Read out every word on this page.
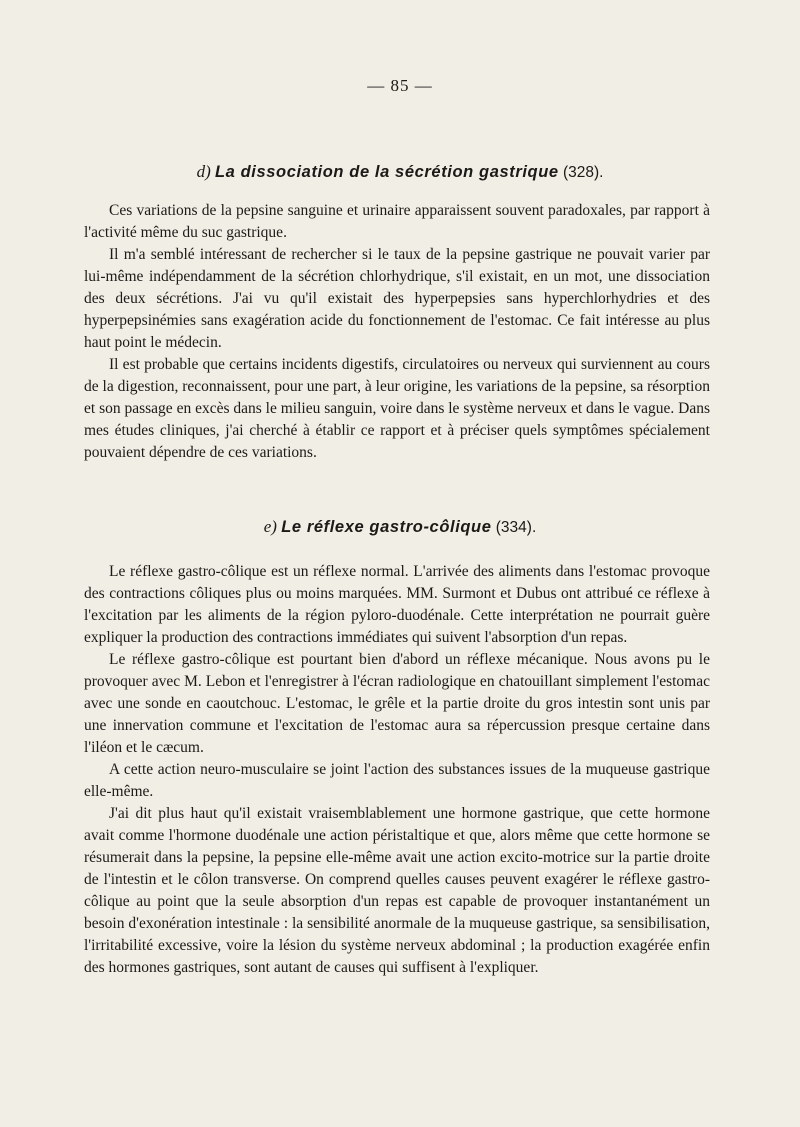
— 85 —
d) La dissociation de la sécrétion gastrique (328).

Ces variations de la pepsine sanguine et urinaire apparaissent souvent paradoxales, par rapport à l'activité même du suc gastrique.

Il m'a semblé intéressant de rechercher si le taux de la pepsine gastrique ne pouvait varier par lui-même indépendamment de la sécrétion chlorhydrique, s'il existait, en un mot, une dissociation des deux sécrétions. J'ai vu qu'il existait des hyperpepsies sans hyperchlorhydries et des hyperpepsinémies sans exagération acide du fonctionnement de l'estomac. Ce fait intéresse au plus haut point le médecin.

Il est probable que certains incidents digestifs, circulatoires ou nerveux qui surviennent au cours de la digestion, reconnaissent, pour une part, à leur origine, les variations de la pepsine, sa résorption et son passage en excès dans le milieu sanguin, voire dans le système nerveux et dans le vague. Dans mes études cliniques, j'ai cherché à établir ce rapport et à préciser quels symptômes spécialement pouvaient dépendre de ces variations.

e) Le réflexe gastro-côlique (334).

Le réflexe gastro-côlique est un réflexe normal. L'arrivée des aliments dans l'estomac provoque des contractions côliques plus ou moins marquées. MM. Surmont et Dubus ont attribué ce réflexe à l'excitation par les aliments de la région pyloro-duodénale. Cette interprétation ne pourrait guère expliquer la production des contractions immédiates qui suivent l'absorption d'un repas.

Le réflexe gastro-côlique est pourtant bien d'abord un réflexe mécanique. Nous avons pu le provoquer avec M. Lebon et l'enregistrer à l'écran radiologique en chatouillant simplement l'estomac avec une sonde en caoutchouc. L'estomac, le grêle et la partie droite du gros intestin sont unis par une innervation commune et l'excitation de l'estomac aura sa répercussion presque certaine dans l'iléon et le cæcum.

A cette action neuro-musculaire se joint l'action des substances issues de la muqueuse gastrique elle-même.

J'ai dit plus haut qu'il existait vraisemblablement une hormone gastrique, que cette hormone avait comme l'hormone duodénale une action péristaltique et que, alors même que cette hormone se résumerait dans la pepsine, la pepsine elle-même avait une action excito-motrice sur la partie droite de l'intestin et le côlon transverse. On comprend quelles causes peuvent exagérer le réflexe gastro-côlique au point que la seule absorption d'un repas est capable de provoquer instantanément un besoin d'exonération intestinale : la sensibilité anormale de la muqueuse gastrique, sa sensibilisation, l'irritabilité excessive, voire la lésion du système nerveux abdominal ; la production exagérée enfin des hormones gastriques, sont autant de causes qui suffisent à l'expliquer.
